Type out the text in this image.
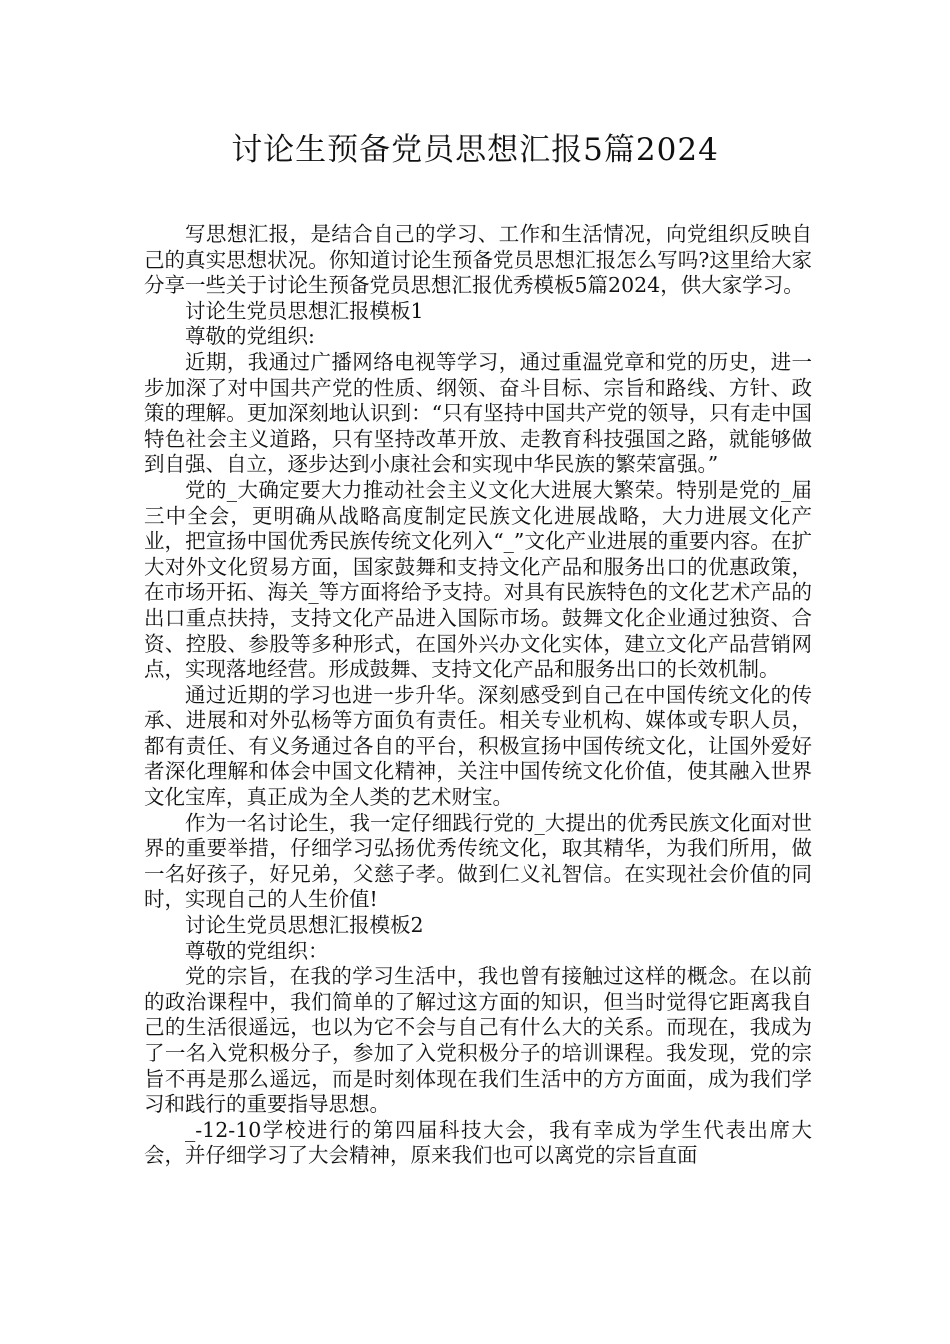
讨论生预备党员思想汇报5篇2024

写思想汇报，是结合自己的学习、工作和生活情况，向党组织反映自己的真实思想状况。你知道讨论生预备党员思想汇报怎么写吗?这里给大家分享一些关于讨论生预备党员思想汇报优秀模板5篇2024，供大家学习。

讨论生党员思想汇报模板1

尊敬的党组织:

近期，我通过广播网络电视等学习，通过重温党章和党的历史，进一步加深了对中国共产党的性质、纲领、奋斗目标、宗旨和路线、方针、政策的理解。更加深刻地认识到：“只有坚持中国共产党的领导，只有走中国特色社会主义道路，只有坚持改革开放、走教育科技强国之路，就能够做到自强、自立，逐步达到小康社会和实现中华民族的繁荣富强。”

党的_大确定要大力推动社会主义文化大进展大繁荣。特别是党的_届三中全会，更明确从战略高度制定民族文化进展战略，大力进展文化产业，把宣扬中国优秀民族传统文化列入“_”文化产业进展的重要内容。在扩大对外文化贸易方面，国家鼓舞和支持文化产品和服务出口的优惠政策，在市场开拓、海关_等方面将给予支持。对具有民族特色的文化艺术产品的出口重点扶持，支持文化产品进入国际市场。鼓舞文化企业通过独资、合资、控股、参股等多种形式，在国外兴办文化实体，建立文化产品营销网点，实现落地经营。形成鼓舞、支持文化产品和服务出口的长效机制。

通过近期的学习也进一步升华。深刻感受到自己在中国传统文化的传承、进展和对外弘杨等方面负有责任。相关专业机构、媒体或专职人员，都有责任、有义务通过各自的平台，积极宣扬中国传统文化，让国外爱好者深化理解和体会中国文化精神，关注中国传统文化价值，使其融入世界文化宝库，真正成为全人类的艺术财宝。

作为一名讨论生，我一定仔细践行党的_大提出的优秀民族文化面对世界的重要举措，仔细学习弘扬优秀传统文化，取其精华，为我们所用，做一名好孩子，好兄弟，父慈子孝。做到仁义礼智信。在实现社会价值的同时，实现自己的人生价值!

讨论生党员思想汇报模板2

尊敬的党组织：

党的宗旨，在我的学习生活中，我也曾有接触过这样的概念。在以前的政治课程中，我们简单的了解过这方面的知识，但当时觉得它距离我自己的生活很遥远，也以为它不会与自己有什么大的关系。而现在，我成为了一名入党积极分子，参加了入党积极分子的培训课程。我发现，党的宗旨不再是那么遥远，而是时刻体现在我们生活中的方方面面，成为我们学习和践行的重要指导思想。

_-12-10学校进行的第四届科技大会，我有幸成为学生代表出席大会，并仔细学习了大会精神，原来我们也可以离党的宗旨直面
